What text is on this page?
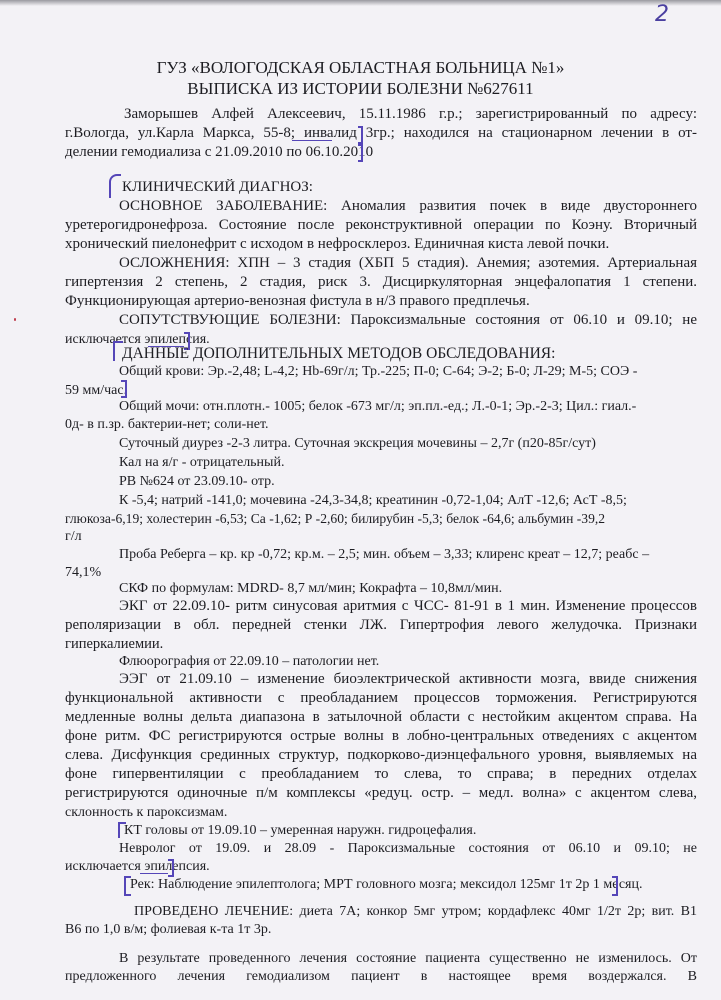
2
ГУЗ «ВОЛОГОДСКАЯ ОБЛАСТНАЯ БОЛЬНИЦА №1»
ВЫПИСКА ИЗ ИСТОРИИ БОЛЕЗНИ №627611
Заморышев Алфей Алексеевич, 15.11.1986 г.р.; зарегистрированный по адресу:
г.Вологда, ул.Карла Маркса, 55-8; инвалид 3гр.; находился на стационарном лечении в от-
делении гемодиализа с 21.09.2010 по 06.10.2010
КЛИНИЧЕСКИЙ ДИАГНОЗ:
ОСНОВНОЕ ЗАБОЛЕВАНИЕ: Аномалия развития почек в виде двустороннего
уретерогидронефроза. Состояние после реконструктивной операции по Коэну. Вторичный
хронический пиелонефрит с исходом в нефросклероз. Единичная киста левой почки.
ОСЛОЖНЕНИЯ: ХПН – 3 стадия (ХБП 5 стадия). Анемия; азотемия. Артериальная
гипертензия 2 степень, 2 стадия, риск 3. Дисциркуляторная энцефалопатия 1 степени.
Функционирующая артерио-венозная фистула в н/3 правого предплечья.
СОПУТСТВУЮЩИЕ БОЛЕЗНИ: Пароксизмальные состояния от 06.10 и 09.10; не
исключается эпилепсия.
ДАННЫЕ ДОПОЛНИТЕЛЬНЫХ МЕТОДОВ ОБСЛЕДОВАНИЯ:
Общий крови: Эр.-2,48; L-4,2; Hb-69г/л; Тр.-225; П-0; С-64; Э-2; Б-0; Л-29; М-5; СОЭ -
59 мм/час.
Общий мочи: отн.плотн.- 1005; белок -673 мг/л; эп.пл.-ед.; Л.-0-1; Эр.-2-3; Цил.: гиал.-
0д- в п.зр. бактерии-нет; соли-нет.
Суточный диурез -2-3 литра. Суточная экскреция мочевины – 2,7г (п20-85г/сут)
Кал на я/г - отрицательный.
РВ №624 от 23.09.10- отр.
К -5,4; натрий -141,0; мочевина -24,3-34,8; креатинин -0,72-1,04; АлТ -12,6; АсТ -8,5;
глюкоза-6,19; холестерин -6,53; Са -1,62; Р -2,60; билирубин -5,3; белок -64,6; альбумин -39,2
г/л
Проба Реберга – кр. кр -0,72; кр.м. – 2,5; мин. объем – 3,33; клиренс креат – 12,7; реабс –
74,1%
СКФ по формулам: MDRD- 8,7 мл/мин; Кокрафта – 10,8мл/мин.
ЭКГ от 22.09.10- ритм синусовая аритмия с ЧСС- 81-91 в 1 мин. Изменение процессов
реполяризации в обл. передней стенки ЛЖ. Гипертрофия левого желудочка. Признаки
гиперкалиемии.
Флюорография от 22.09.10 – патологии нет.
ЭЭГ от 21.09.10 – изменение биоэлектрической активности мозга, ввиде снижения
функциональной активности с преобладанием процессов торможения. Регистрируются
медленные волны дельта диапазона в затылочной области с нестойким акцентом справа. На
фоне ритм. ФС регистрируются острые волны в лобно-центральных отведениях с акцентом
слева. Дисфункция срединных структур, подкорково-диэнцефального уровня, выявляемых на
фоне гипервентиляции с преобладанием то слева, то справа; в передних отделах
регистрируются одиночные п/м комплексы «редуц. остр. – медл. волна» с акцентом слева,
склонность к пароксизмам.
КТ головы от 19.09.10 – умеренная наружн. гидроцефалия.
Невролог от 19.09. и 28.09 - Пароксизмальные состояния от 06.10 и 09.10; не
исключается эпилепсия.
Рек: Наблюдение эпилептолога; МРТ головного мозга; мексидол 125мг 1т 2р 1 месяц.
ПРОВЕДЕНО ЛЕЧЕНИЕ: диета 7А; конкор 5мг утром; кордафлекс 40мг 1/2т 2р; вит. В1
В6 по 1,0 в/м; фолиевая к-та 1т 3р.
В результате проведенного лечения состояние пациента существенно не изменилось. От
предложенного лечения гемодиализом пациент в настоящее время воздержался. В
